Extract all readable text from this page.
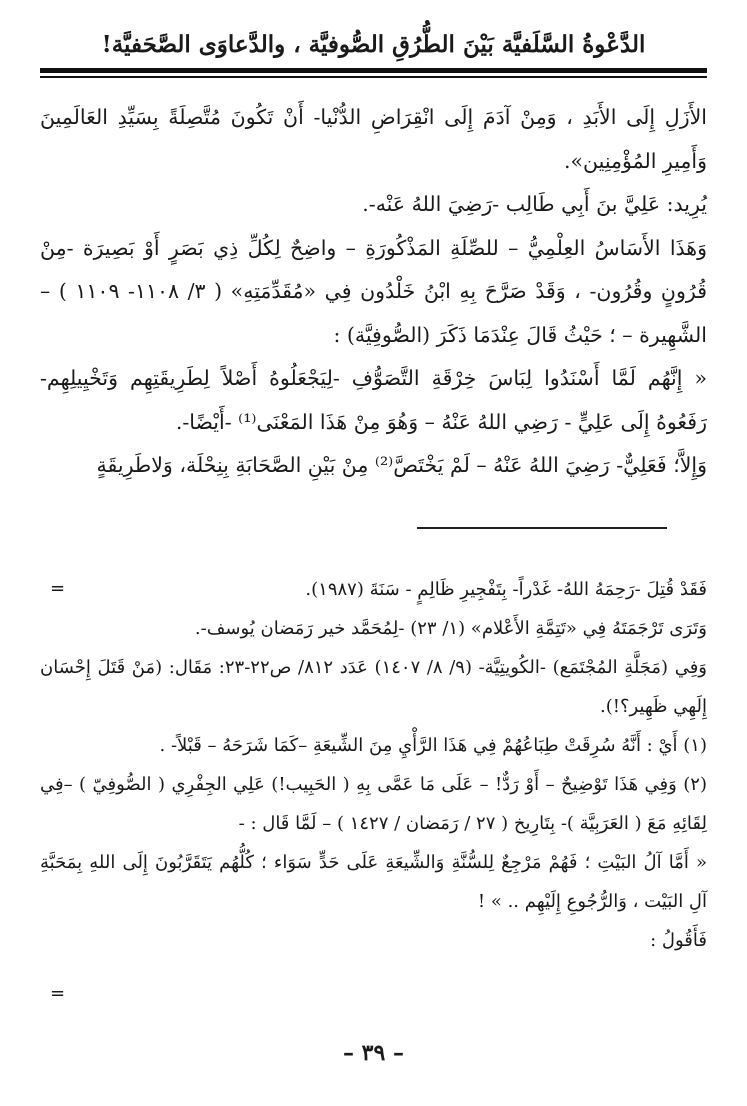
الدَّعْوةُ السَّلَفيَّة بَيْنَ الطُّرُقِ الصُّوفيَّة ، والدَّعاوَى الصَّحَفيَّة!

الأَزَلِ إِلَى الأَبَدِ ، وَمِنْ آدَمَ إِلَى انْقِرَاضِ الدُّنْيا- أَنْ تَكُونَ مُتَّصِلَةً بِسَيِّدِ العَالَمِينَ وَأَمِيرِ المُؤْمِنِين».

يُرِيد: عَلِيَّ بنَ أَبِي طَالِب -رَضِيَ اللهُ عَنْه-.

وَهَذَا الأَسَاسُ العِلْمِيُّ – للصِّلَةِ المَذْكُورَةِ – واضِحٌ لِكُلِّ ذِي بَصَرٍ أَوْ بَصِيرَة -مِنْ قُرُونٍ وقُرُون- ، وَقَدْ صَرَّحَ بِهِ ابْنُ خَلْدُون فِي «مُقَدِّمَتِهِ» ( ٣/ ١١٠٨- ١١٠٩ ) – الشَّهِيرة – ؛ حَيْثُ قَالَ عِنْدَمَا ذَكَرَ (الصُّوفِيَّة) :

« إِنَّهُم لَمَّا أَسْنَدُوا لِبَاسَ خِرْقَةِ التَّصَوُّفِ -لِيَجْعَلُوهُ أَصْلاً لِطَرِيقَتِهِم وَتَخْيِيلِهِم- رَفَعُوهُ إِلَى عَلِيٍّ - رَضِي اللهُ عَنْهُ – وَهُوَ مِنْ هَذَا المَعْنَى⁽¹⁾ -أَيْضًا-.

وَإِلاَّ؛ فَعَلِيٌّ- رَضِيَ اللهُ عَنْهُ – لَمْ يَخْتَصَّ⁽²⁾ مِنْ بَيْنِ الصَّحَابَةِ بِنِحْلَة، وَلاطَرِيقَةٍ

=	فَقَدْ قُتِلَ -رَحِمَهُ اللهُ- غَدْراً- بِتَفْجِيرِ ظَالِمٍ - سَنَةَ (١٩٨٧).

وَتَرَى تَرْجَمَتَهُ فِي «تَتِمَّةِ الأَعْلام» (١/ ٢٣) -لِمُحَمَّد خير رَمَضان يُوسف-.

وَفِي (مَجَلَّةِ المُجْتَمَع) -الكُويتِيَّة- (٩/ ٨/ ١٤٠٧) عَدَد ٨١٢/ ص٢٢-٢٣: مَقَال: (مَنْ قَتَلَ إِحْسَان إِلَهِي ظَهِير؟!).

(١) أَيْ : أَنَّهُ سُرِقَتْ طِبَاعُهُمْ فِي هَذَا الرَّأْيِ مِنَ الشِّيعَةِ –كَمَا شَرَحَهُ – قَبْلاً- .

(٢) وَفِي هَذَا تَوْضِيحٌ – أَوْ رَدٌّ! – عَلَى مَا عَمَّى بِهِ ( الحَبِيب!) عَلِي الجِفْرِي ( الصُّوفِيّ ) –فِي لِقَائِهِ مَعَ ( العَرَبِيَّة )- بِتَارِيخ ( ٢٧ / رَمَضان / ١٤٢٧ ) – لَمَّا قَال : -

« أَمَّا آلُ البَيْتِ ؛ فَهُمْ مَرْجِعٌ لِلسُّنَّةِ وَالشِّيعَةِ عَلَى حَدٍّ سَوَاء ؛ كُلُّهُم يَتَقَرَّبُونَ إِلَى اللهِ بِمَحَبَّةِ آلِ البَيْت ، وَالرُّجُوعِ إِلَيْهِم .. » !

فَأَقُولُ :

=
– ٣٩ –
